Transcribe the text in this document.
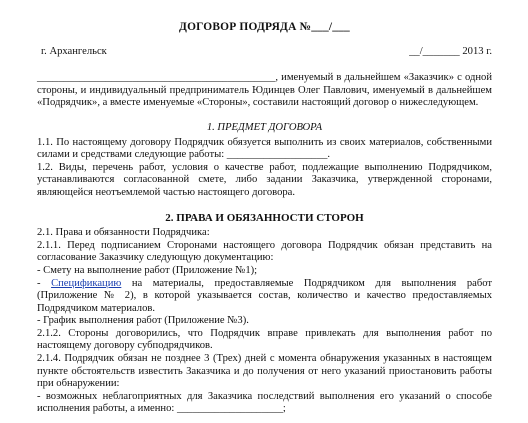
ДОГОВОР ПОДРЯДА №___/___
г. Архангельск	__/_______ 2013 г.

_____________________________________________, именуемый в дальнейшем «Заказчик» с одной стороны, и индивидуальный предприниматель Юдинцев Олег Павлович, именуемый в дальнейшем «Подрядчик», а вместе именуемые «Стороны», составили настоящий договор о нижеследующем.

1. ПРЕДМЕТ ДОГОВОРА

1.1. По настоящему договору Подрядчик обязуется выполнить из своих материалов, собственными силами и средствами следующие работы: ___________________.

1.2. Виды, перечень работ, условия о качестве работ, подлежащие выполнению Подрядчиком, устанавливаются согласованной смете, либо задании Заказчика, утвержденной сторонами, являющейся неотъемлемой частью настоящего договора.

2. ПРАВА И ОБЯЗАННОСТИ СТОРОН

2.1. Права и обязанности Подрядчика:

2.1.1. Перед подписанием Сторонами настоящего договора Подрядчик обязан представить на согласование Заказчику следующую документацию:

- Смету на выполнение работ (Приложение №1);

- Спецификацию на материалы, предоставляемые Подрядчиком для выполнения работ (Приложение № 2), в которой указывается состав, количество и качество предоставляемых Подрядчиком материалов.

- График выполнения работ (Приложение №3).

2.1.2. Стороны договорились, что Подрядчик вправе привлекать для выполнения работ по настоящему договору субподрядчиков.

2.1.4. Подрядчик обязан не позднее 3 (Трех) дней с момента обнаружения указанных в настоящем пункте обстоятельств известить Заказчика и до получения от него указаний приостановить работы при обнаружении:

- возможных неблагоприятных для Заказчика последствий выполнения его указаний о способе исполнения работы, а именно: ____________________;
